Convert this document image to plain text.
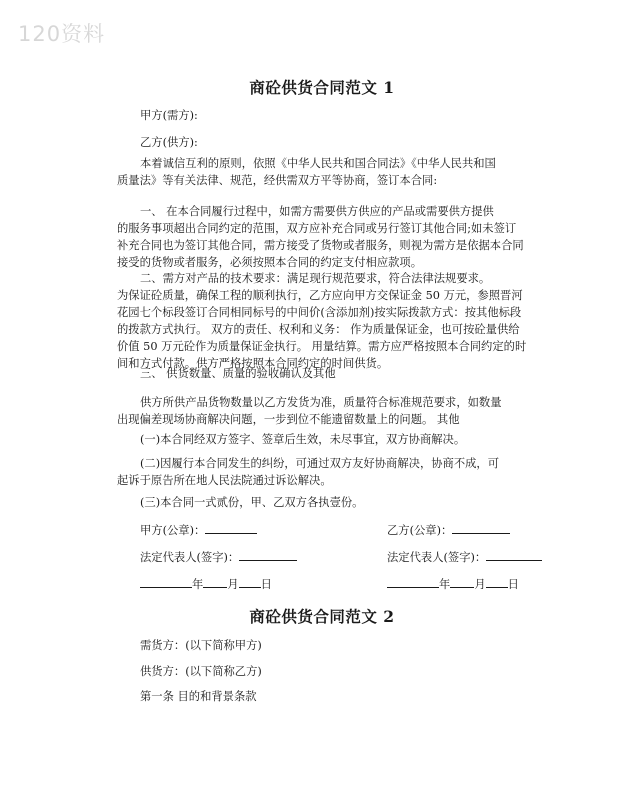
120资料
商砼供货合同范文 1
甲方(需方):
乙方(供方):
本着诚信互利的原则，依照《中华人民共和国合同法》《中华人民共和国
质量法》等有关法律、规范，经供需双方平等协商，签订本合同:
一、 在本合同履行过程中，如需方需要供方供应的产品或需要供方提供
的服务事项超出合同约定的范围，双方应补充合同或另行签订其他合同;如未签订
补充合同也为签订其他合同，需方接受了货物或者服务，则视为需方是依据本合同
接受的货物或者服务，必须按照本合同的约定支付相应款项。
二、需方对产品的技术要求：满足现行规范要求，符合法律法规要求。
为保证砼质量，确保工程的顺利执行，乙方应向甲方交保证金 50 万元，参照晋河
花园七个标段签订合同相同标号的中间价(含添加剂)按实际拨款方式：按其他标段
的拨款方式执行。 双方的责任、权利和义务： 作为质量保证金，也可按砼量供给
价值 50 万元砼作为质量保证金执行。 用量结算。需方应严格按照本合同约定的时
间和方式付款。供方严格按照本合同约定的时间供货。
三、 供货数量、质量的验收确认及其他
供方所供产品货物数量以乙方发货为准，质量符合标准规范要求，如数量
出现偏差现场协商解决问题，一步到位不能遗留数量上的问题。 其他
(一)本合同经双方签字、签章后生效，未尽事宜，双方协商解决。
(二)因履行本合同发生的纠纷，可通过双方友好协商解决，协商不成，可
起诉于原告所在地人民法院通过诉讼解决。
(三)本合同一式贰份，甲、乙双方各执壹份。
甲方(公章)：	乙方(公章)：
法定代表人(签字)：	法定代表人(签字)：
年 月 日	年 月 日
商砼供货合同范文 2
需货方：(以下简称甲方)
供货方：(以下简称乙方)
第一条 目的和背景条款
